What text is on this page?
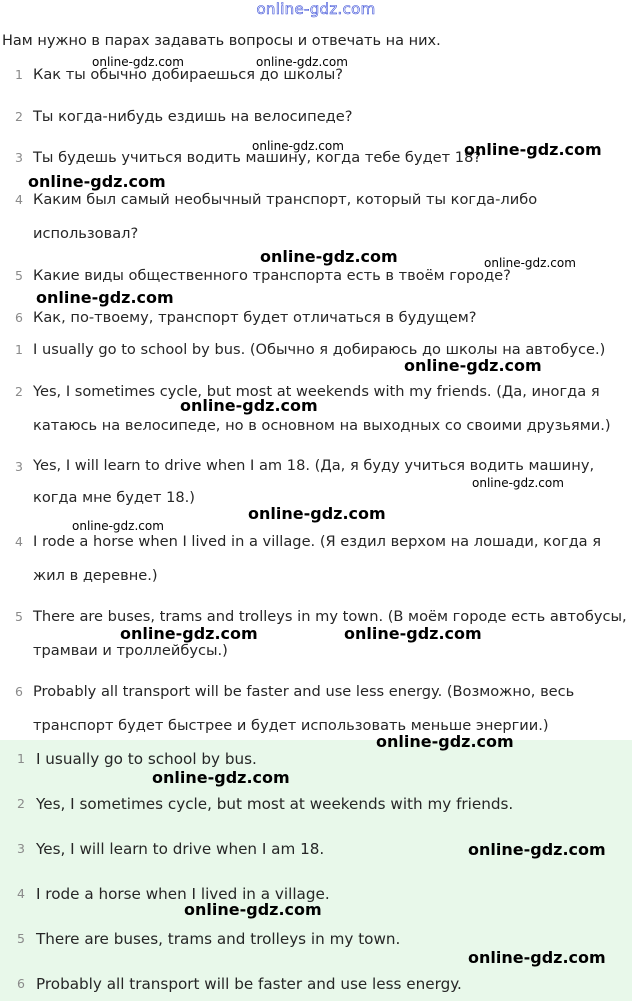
online-gdz.com
Нам нужно в парах задавать вопросы и отвечать на них.
1 Как ты обычно добираешься до школы?
2 Ты когда-нибудь ездишь на велосипеде?
3 Ты будешь учиться водить машину, когда тебе будет 18?
4 Каким был самый необычный транспорт, который ты когда-либо использовал?
5 Какие виды общественного транспорта есть в твоём городе?
6 Как, по-твоему, транспорт будет отличаться в будущем?
1 I usually go to school by bus. (Обычно я добираюсь до школы на автобусе.)
2 Yes, I sometimes cycle, but most at weekends with my friends. (Да, иногда я катаюсь на велосипеде, но в основном на выходных со своими друзьями.)
3 Yes, I will learn to drive when I am 18. (Да, я буду учиться водить машину, когда мне будет 18.)
4 I rode a horse when I lived in a village. (Я ездил верхом на лошади, когда я жил в деревне.)
5 There are buses, trams and trolleys in my town. (В моём городе есть автобусы, трамваи и троллейбусы.)
6 Probably all transport will be faster and use less energy. (Возможно, весь транспорт будет быстрее и будет использовать меньше энергии.)
1 I usually go to school by bus.
2 Yes, I sometimes cycle, but most at weekends with my friends.
3 Yes, I will learn to drive when I am 18.
4 I rode a horse when I lived in a village.
5 There are buses, trams and trolleys in my town.
6 Probably all transport will be faster and use less energy.
online-gdz.com	online-gdz.com
online-gdz.com	online-gdz.com
online-gdz.com
online-gdz.com	online-gdz.com
online-gdz.com
online-gdz.com
online-gdz.com
online-gdz.com
online-gdz.com
online-gdz.com
online-gdz.com	online-gdz.com
online-gdz.com
online-gdz.com
online-gdz.com
online-gdz.com
online-gdz.com
